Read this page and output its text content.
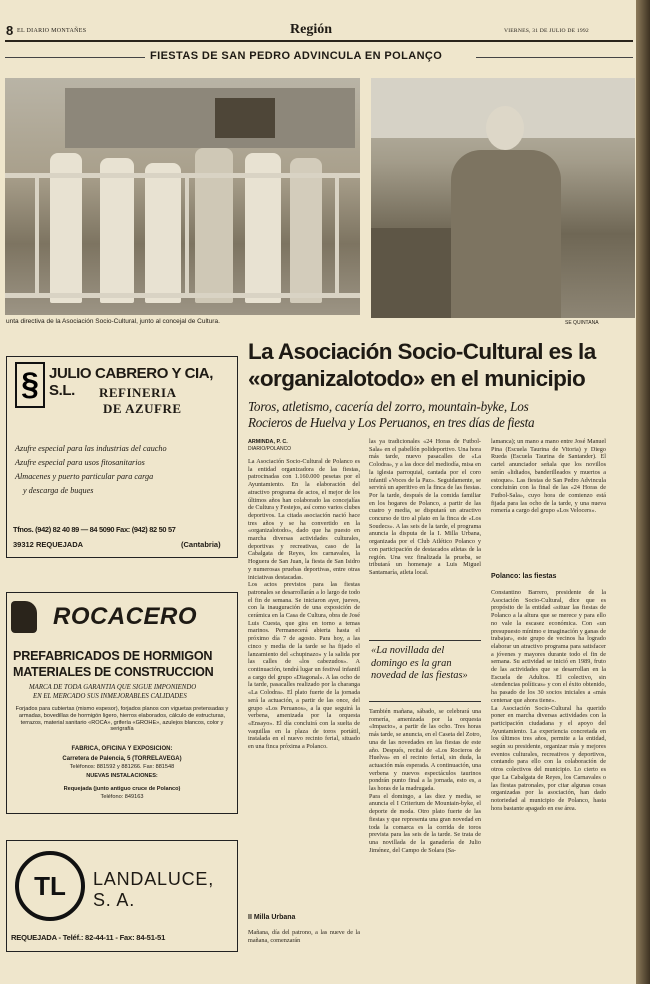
8 EL DIARIO MONTAÑES	Región	VIERNES, 31 DE JULIO DE 1992
FIESTAS DE SAN PEDRO ADVINCULA EN POLANÇO
unta directiva de la Asociación Socio-Cultural, junto al concejal de Cultura.	SE QUINTANA
§ JULIO CABRERO Y CIA, S.L.	REFINERIA
DE AZUFRE
Azufre especial para las industrias del caucho
Azufre especial para usos fitosanitarios
Almacenes y puerto particular para carga
y descarga de buques
Tfnos. (942) 82 40 89 — 84 5090 Fax: (942) 82 50 57
39312 REQUEJADA	(Cantabria)
ROCACERO
PREFABRICADOS DE HORMIGON
MATERIALES DE CONSTRUCCION
MARCA DE TODA GARANTIA QUE SIGUE IMPONIENDO
EN EL MERCADO SUS INMEJORABLES CALIDADES
Forjados para cubiertas (mismo espesor), forjados planos con viguetas pretensadas y armadas, bovedillas de hormigón ligero, hierros elaborados, cálculo de estructuras, terrazos, material sanitario «ROCA», grifería «GROHE», azulejos blancos, color y serigrafía
FABRICA, OFICINA Y EXPOSICION:
Carretera de Palencia, 5 (TORRELAVEGA)
Teléfonos: 881592 y 881266. Fax: 881548
NUEVAS INSTALACIONES:
Requejada (junto antiguo cruce de Polanco)
Teléfono: 849163
TL	LANDALUCE, S. A.
REQUEJADA - Teléf.: 82-44-11 - Fax: 84-51-51
La Asociación Socio-Cultural es la
«organizalotodo» en el municipio
Toros, atletismo, cacería del zorro, mountain-byke, Los
Rocieros de Huelva y Los Peruanos, en tres días de fiesta
ARMINDA, P. C.
DIARIO/POLANCO
La Asociación Socio-Cultural de Polanco es la entidad organizadora de las fiestas, patrocinadas con 1.160.000 pesetas por el Ayuntamiento. En la elaboración del atractivo programa de actos, el mejor de los últimos años han colaborado las concejalías de Cultura y Festejos, así como varios clubes deportivos. La citada asociación nació hace tres años y se ha convertido en la «organizalotodo», dado que ha puesto en marcha diversas actividades culturales, deportivas y recreativas, caso de la Cabalgata de Reyes, los carnavales, la Hoguera de San Juan, la fiesta de San Isidro y numerosas pruebas deportivas, entre otras iniciativas destacadas.
Los actos previstos para las fiestas patronales se desarrollarán a lo largo de todo el fin de semana. Se iniciaron ayer, jueves, con la inauguración de una exposición de cerámica en la Casa de Cultura, obra de José Luis Cuesta, que gira en torno a temas marinos. Permanecerá abierta hasta el próximo día 7 de agosto. Para hoy, a las cinco y media de la tarde se ha fijado el lanzamiento del «chupinazo» y la salida por las calles de «los cabezudos». A continuación, tendrá lugar un festival infantil a cargo del grupo «Diagonal». A las ocho de la tarde, pasacalles realizado por la charanga «La Colodra». El plato fuerte de la jornada será la actuación, a partir de las once, del grupo «Los Peruanos», a la que seguirá la verbena, amenizada por la orquesta «Ensayo». El día concluirá con la suelta de vaquillas en la plaza de toros portátil, instalada en el nuevo recinto ferial, situado en una finca próxima a Polanco.
II Milla Urbana
Mañana, día del patrono, a las nueve de la mañana, comenzarán
las ya tradicionales «24 Horas de Futbol-Sala» en el pabellón polideportivo. Una hora más tarde, nuevo pasacalles de «La Colodra», y a las doce del mediodía, misa en la iglesia parroquial, cantada por el coro infantil «Voces de la Paz». Seguidamente, se servirá un aperitivo en la finca de las fiestas. Por la tarde, después de la comida familiar en los hogares de Polanco, a partir de las cuatro y media, se disputará un atractivo concurso de tiro al plato en la finca de «Los Soudecs». A las seis de la tarde, el programa anuncia la disputa de la I. Milla Urbana, organizada por el Club Atlético Polanco y con participación de destacados atletas de la región. Una vez finalizada la prueba, se tributará un homenaje a Luis Miguel Santamaría, atleta local.
«La novillada del domingo es la gran novedad de las fiestas»
También mañana, sábado, se celebrará una romería, amenizada por la orquesta «Impacto», a partir de las ocho. Tres horas más tarde, se anuncia, en el Caseta del Zotro, una de las novedades en las fiestas de este año. Después, recital de «Los Rocieros de Huelva» en el recinto ferial, sin duda, la actuación más esperada. A continuación, una verbena y nuevos espectáculos taurinos pondrán punto final a la jornada, esto es, a las horas de la madrugada.
Para el domingo, a las diez y media, se anuncia el I Criterium de Mountain-byke, el deporte de moda. Otro plato fuerte de las fiestas y que representa una gran novedad en toda la comarca es la corrida de toros prevista para las seis de la tarde. Se trata de una novillada de la ganadería de Julio Jiménez, del Campo de Solara (Sa-
lamanca); un mano a mano entre José Manuel Pina (Escuela Taurina de Vitoria) y Diego Rueda (Escuela Taurina de Santander). El cartel anunciador señala que los novillos serán «lidiados, banderilleados y muertos a estoque». Las fiestas de San Pedro Advincula concluirán con la final de las «24 Horas de Futbol-Sala», cuyo hora de comienzo está fijada para las ocho de la tarde, y una nueva romería a cargo del grupo «Los Velocers».
Polanco: las fiestas
Constantino Barrero, presidente de la Asociación Socio-Cultural, dice que es propósito de la entidad «situar las fiestas de Polanco a la altura que se merece y para ello no vale la escasez económica. Con «un presupuesto mínimo e imaginación y ganas de trabajar», este grupo de vecinos ha logrado elaborar un atractivo programa para satisfacer a jóvenes y mayores durante todo el fin de semana. Su actividad se inició en 1989, fruto de las actividades que se desarrollan en la Escuela de Adultos. El colectivo, sin «tendencias políticas» y con el éxito obtenido, ha pasado de los 30 socios iniciales a «más centenar que ahora tiene».
La Asociación Socio-Cultural ha querido poner en marcha diversas actividades con la participación ciudadana y el apoyo del Ayuntamiento. La experiencia concretada en los últimos tres años, permite a la entidad, según su presidente, organizar más y mejores eventos culturales, recreativos y deportivos, contando para ello con la colaboración de otros colectivos del municipio. Lo cierto es que La Cabalgata de Reyes, los Carnavales o las fiestas patronales, por citar algunas cosas organizadas por la asociación, han dado notoriedad al municipio de Polanco, hasta hora bastante apagado en ese área.
